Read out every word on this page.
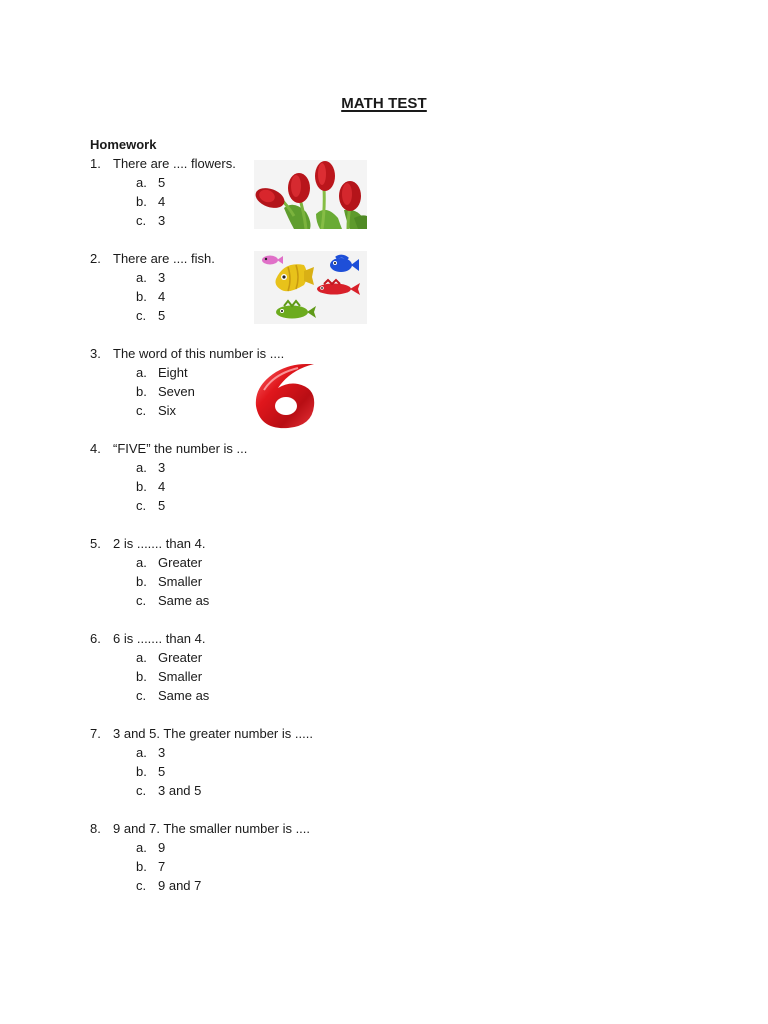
MATH TEST
Homework
1. There are .... flowers.
a. 5
b. 4
c. 3
2. There are .... fish.
a. 3
b. 4
c. 5
3. The word of this number is ....
a. Eight
b. Seven
c. Six
4. “FIVE” the number is ...
a. 3
b. 4
c. 5
5. 2 is ....... than 4.
a. Greater
b. Smaller
c. Same as
6. 6 is ....... than 4.
a. Greater
b. Smaller
c. Same as
7. 3 and 5. The greater number is .....
a. 3
b. 5
c. 3 and 5
8. 9 and 7. The smaller number is ....
a. 9
b. 7
c. 9 and 7
